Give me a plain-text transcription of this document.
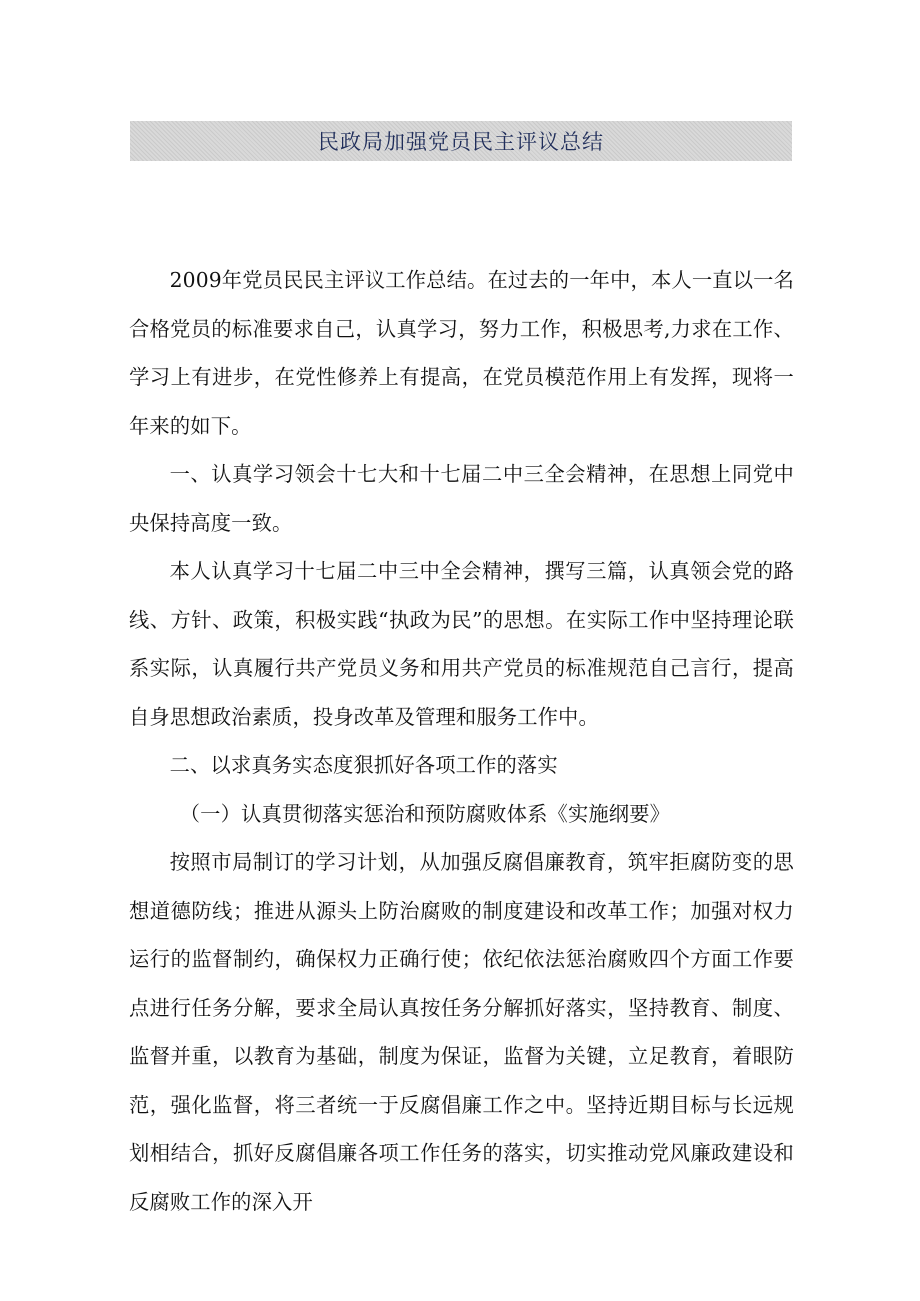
民政局加强党员民主评议总结

2009年党员民民主评议工作总结。在过去的一年中，本人一直以一名合格党员的标准要求自己，认真学习，努力工作，积极思考,力求在工作、学习上有进步，在党性修养上有提高，在党员模范作用上有发挥，现将一年来的如下。

一、认真学习领会十七大和十七届二中三全会精神，在思想上同党中央保持高度一致。

本人认真学习十七届二中三中全会精神，撰写三篇，认真领会党的路线、方针、政策，积极实践“执政为民”的思想。在实际工作中坚持理论联系实际，认真履行共产党员义务和用共产党员的标准规范自己言行，提高自身思想政治素质，投身改革及管理和服务工作中。

二、以求真务实态度狠抓好各项工作的落实

（一）认真贯彻落实惩治和预防腐败体系《实施纲要》

按照市局制订的学习计划，从加强反腐倡廉教育，筑牢拒腐防变的思想道德防线；推进从源头上防治腐败的制度建设和改革工作；加强对权力运行的监督制约，确保权力正确行使；依纪依法惩治腐败四个方面工作要点进行任务分解，要求全局认真按任务分解抓好落实，坚持教育、制度、监督并重，以教育为基础，制度为保证，监督为关键，立足教育，着眼防范，强化监督，将三者统一于反腐倡廉工作之中。坚持近期目标与长远规划相结合，抓好反腐倡廉各项工作任务的落实，切实推动党风廉政建设和反腐败工作的深入开
